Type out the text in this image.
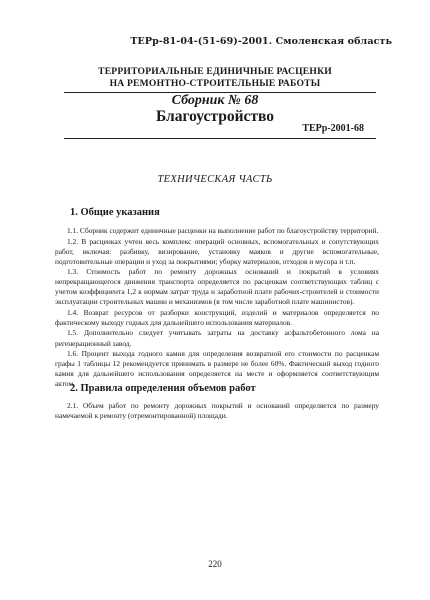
ТЕРр-81-04-(51-69)-2001. Смоленская область
ТЕРРИТОРИАЛЬНЫЕ ЕДИНИЧНЫЕ РАСЦЕНКИ
НА РЕМОНТНО-СТРОИТЕЛЬНЫЕ РАБОТЫ
Сборник № 68
Благоустройство
ТЕРр-2001-68
ТЕХНИЧЕСКАЯ ЧАСТЬ
1. Общие указания

1.1. Сборник содержит единичные расценки на выполнение работ по благоустройству территорий.

1.2. В расценках учтен весь комплекс операций основных, вспомогательных и сопутствующих работ, включая: разбивку, визирование, установку маяков и другие вспомогательные, подготовительные операции и уход за покрытиями; уборку материалов, отходов и мусора и т.п.

1.3. Стоимость работ по ремонту дорожных оснований и покрытий в условиях непрекращающегося движения транспорта определяется по расценкам соответствующих таблиц с учетом коэффициента 1,2 к нормам затрат труда и заработной плате рабочих-строителей и стоимости эксплуатации строительных машин и механизмов (в том числе заработной плате машинистов).

1.4. Возврат ресурсов от разборки конструкций, изделий и материалов определяется по фактическому выходу годных для дальнейшего использования материалов.

1.5. Дополнительно следует учитывать затраты на доставку асфальтобетонного лома на регенерационный завод.

1.6. Процент выхода годного камня для определения возвратной его стоимости по расценкам графы 1 таблицы 12 рекомендуется принимать в размере не более 60%. Фактический выход годного камня для дальнейшего использования определяется на месте и оформляется соответствующим актом.

2. Правила определения объемов работ

2.1. Объем работ по ремонту дорожных покрытий и оснований определяется по размеру намечаемой к ремонту (отремонтированной) площади.

220
